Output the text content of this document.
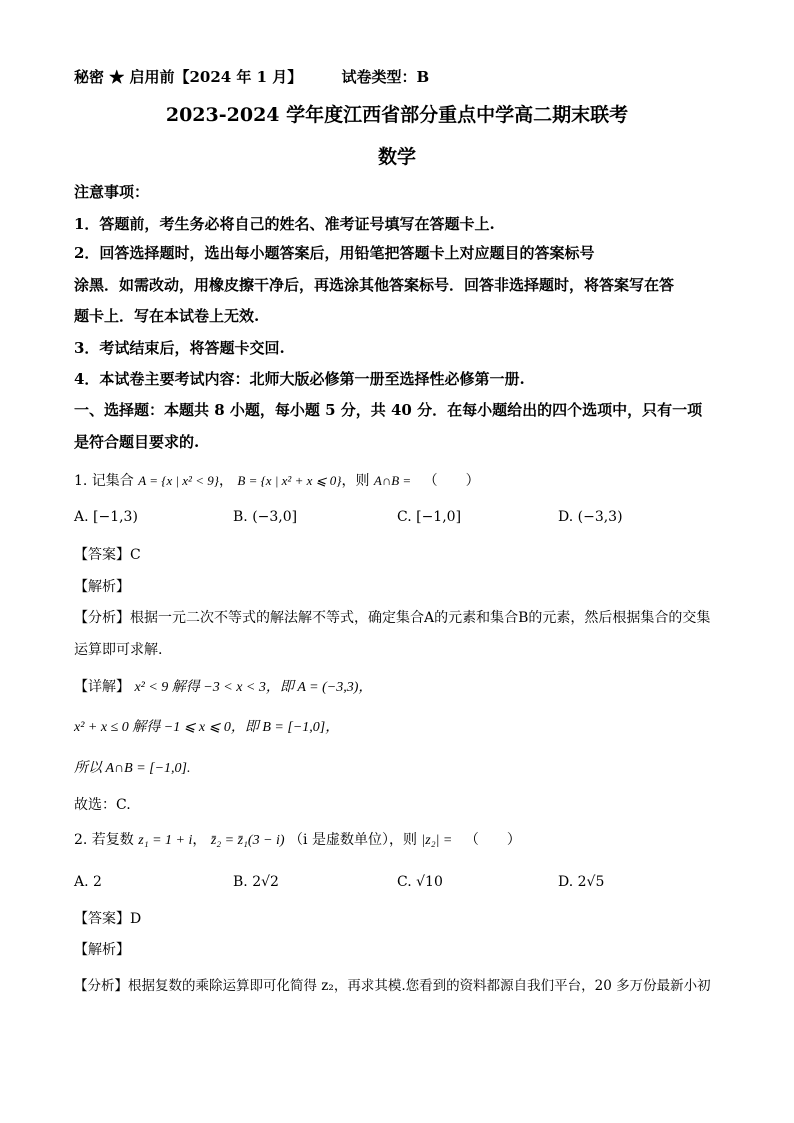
秘密 ★ 启用前【2024 年 1 月】	试卷类型：B
2023-2024 学年度江西省部分重点中学高二期末联考
数学
注意事项：
1．答题前，考生务必将自己的姓名、准考证号填写在答题卡上.
2．回答选择题时，选出每小题答案后，用铅笔把答题卡上对应题目的答案标号
涂黑．如需改动，用橡皮擦干净后，再选涂其他答案标号．回答非选择题时，将答案写在答
题卡上．写在本试卷上无效.
3．考试结束后，将答题卡交回.
4．本试卷主要考试内容：北师大版必修第一册至选择性必修第一册.
一、选择题：本题共 8 小题，每小题 5 分，共 40 分．在每小题给出的四个选项中，只有一项
是符合题目要求的.
1. 记集合 A = {x | x² < 9}， B = {x | x² + x ⩽ 0}，则 A∩B = （　　）
A. [−1,3)	B. (−3,0]	C. [−1,0]	D. (−3,3)
【答案】C
【解析】
【分析】根据一元二次不等式的解法解不等式，确定集合A的元素和集合B的元素，然后根据集合的交集
运算即可求解.
【详解】 x² < 9 解得 −3 < x < 3，即 A = (−3,3)，
x² + x ≤ 0 解得 −1 ⩽ x ⩽ 0，即 B = [−1,0]，
所以 A∩B = [−1,0].
故选：C.
2. 若复数 z₁ = 1 + i， z̄₂ = z̄₁(3 − i) （i 是虚数单位），则 |z₂| = （　　）
A. 2	B. 2√2	C. √10	D. 2√5
【答案】D
【解析】
【分析】根据复数的乘除运算即可化简得 z₂，再求其模.您看到的资料都源自我们平台，20 多万份最新小初
